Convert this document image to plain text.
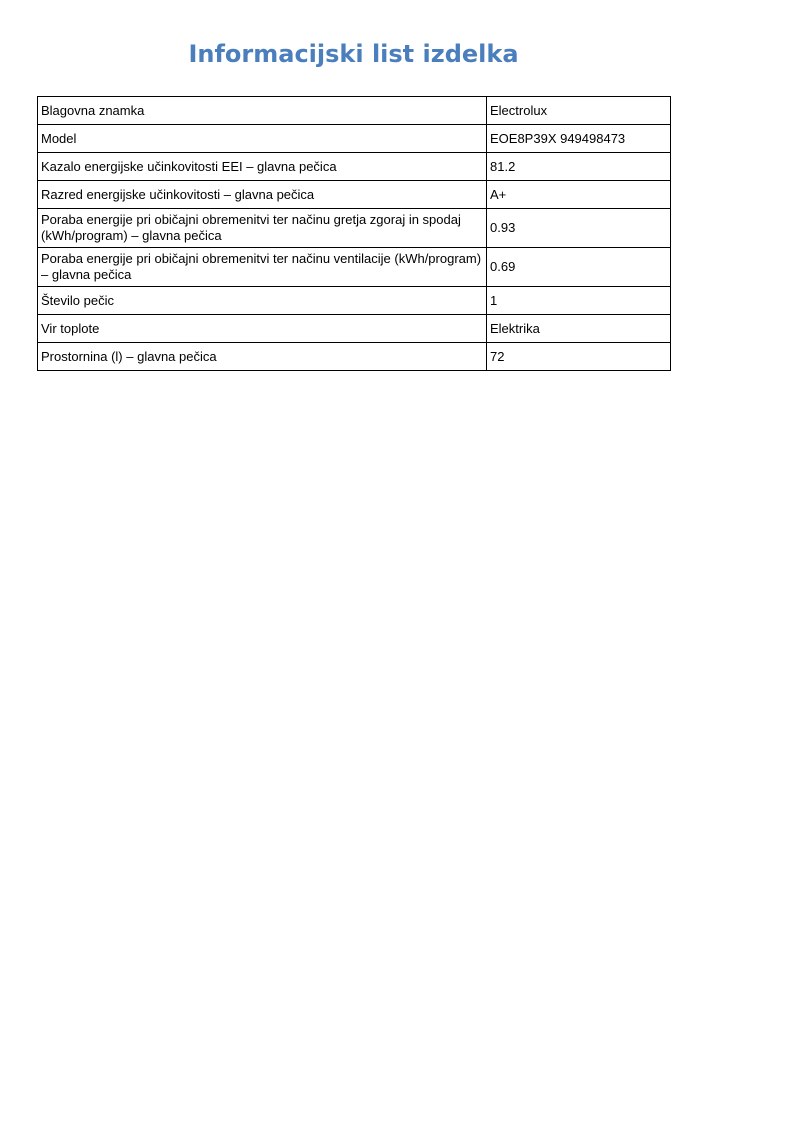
Informacijski list izdelka
Blagovna znamka	Electrolux
Model	EOE8P39X 949498473
Kazalo energijske učinkovitosti EEI – glavna pečica	81.2
Razred energijske učinkovitosti – glavna pečica	A+
Poraba energije pri običajni obremenitvi ter načinu gretja zgoraj in spodaj (kWh/program) – glavna pečica	0.93
Poraba energije pri običajni obremenitvi ter načinu ventilacije (kWh/program) – glavna pečica	0.69
Število pečic	1
Vir toplote	Elektrika
Prostornina (l) – glavna pečica	72
